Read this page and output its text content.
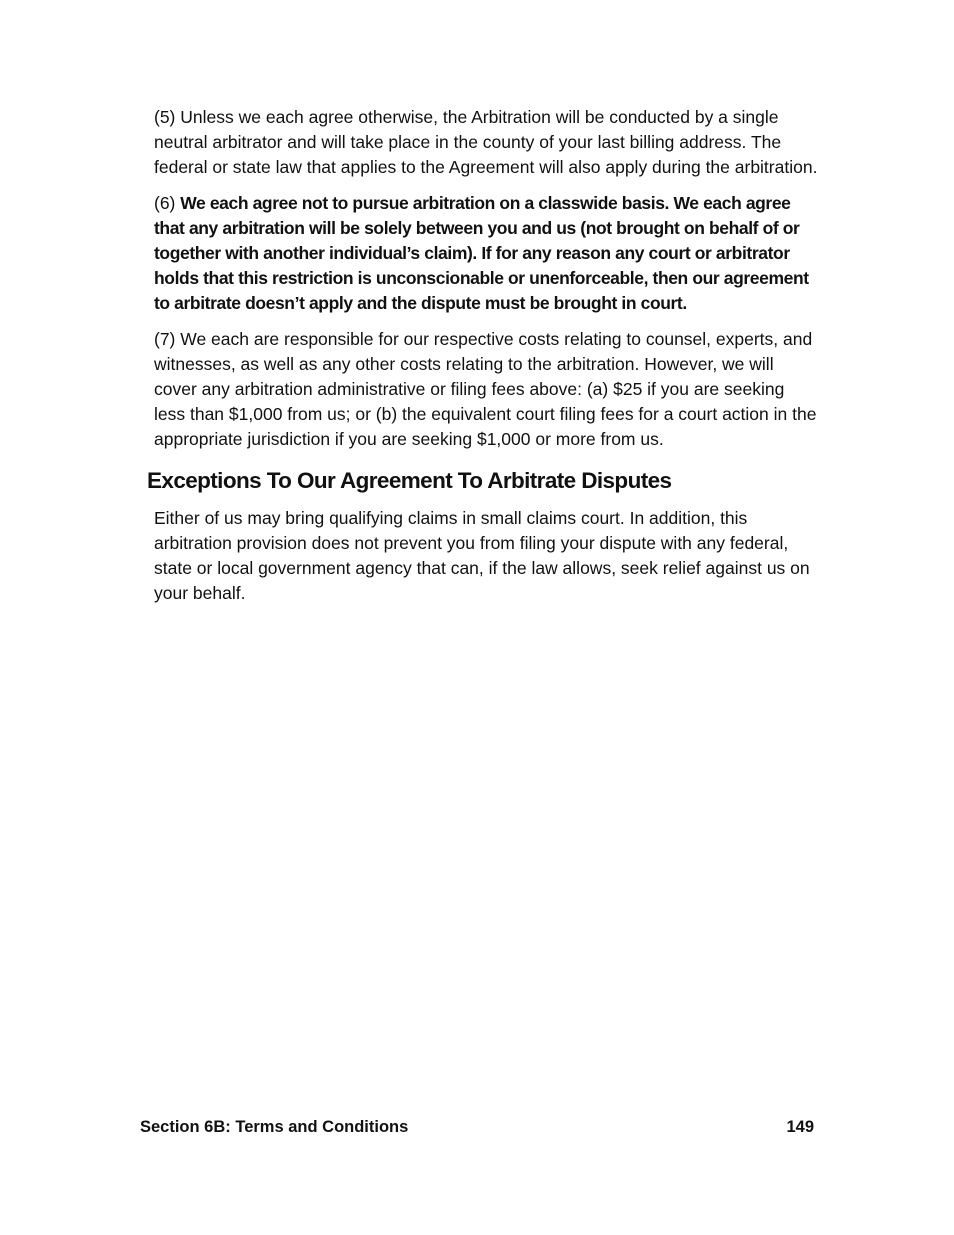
(5) Unless we each agree otherwise, the Arbitration will be conducted by a single neutral arbitrator and will take place in the county of your last billing address. The federal or state law that applies to the Agreement will also apply during the arbitration.

(6) We each agree not to pursue arbitration on a classwide basis. We each agree that any arbitration will be solely between you and us (not brought on behalf of or together with another individual’s claim). If for any reason any court or arbitrator holds that this restriction is unconscionable or unenforceable, then our agreement to arbitrate doesn’t apply and the dispute must be brought in court.

(7) We each are responsible for our respective costs relating to counsel, experts, and witnesses, as well as any other costs relating to the arbitration. However, we will cover any arbitration administrative or filing fees above: (a) $25 if you are seeking less than $1,000 from us; or (b) the equivalent court filing fees for a court action in the appropriate jurisdiction if you are seeking $1,000 or more from us.

Exceptions To Our Agreement To Arbitrate Disputes

Either of us may bring qualifying claims in small claims court. In addition, this arbitration provision does not prevent you from filing your dispute with any federal, state or local government agency that can, if the law allows, seek relief against us on your behalf.

Section 6B: Terms and Conditions	149
